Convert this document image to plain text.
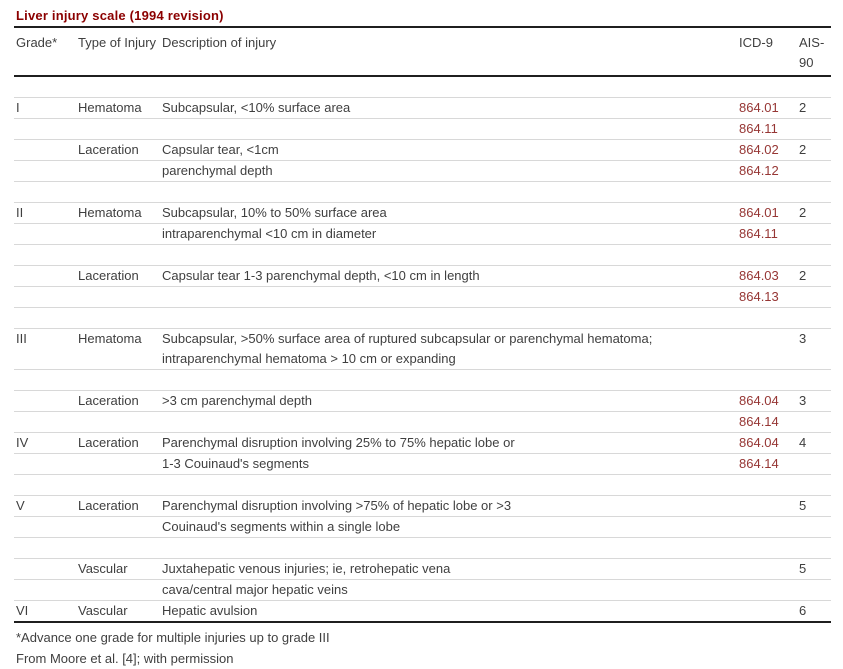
Liver injury scale (1994 revision)
Grade*	Type of Injury	Description of injury	ICD-9	AIS-90

I	Hematoma	Subcapsular, <10% surface area	864.01	2
			864.11	
	Laceration	Capsular tear, <1cm	864.02	2
		parenchymal depth	864.12	

II	Hematoma	Subcapsular, 10% to 50% surface area	864.01	2
		intraparenchymal <10 cm in diameter	864.11	

	Laceration	Capsular tear 1-3 parenchymal depth, <10 cm in length	864.03	2
			864.13	

III	Hematoma	Subcapsular, >50% surface area of ruptured subcapsular or parenchymal hematoma; intraparenchymal hematoma > 10 cm or expanding		3

	Laceration	>3 cm parenchymal depth	864.04	3
			864.14	
IV	Laceration	Parenchymal disruption involving 25% to 75% hepatic lobe or	864.04	4
		1-3 Couinaud's segments	864.14	

V	Laceration	Parenchymal disruption involving >75% of hepatic lobe or >3		5
		Couinaud's segments within a single lobe		

	Vascular	Juxtahepatic venous injuries; ie, retrohepatic vena		5
		cava/central major hepatic veins		
VI	Vascular	Hepatic avulsion		6
*Advance one grade for multiple injuries up to grade III
From Moore et al. [4]; with permission
